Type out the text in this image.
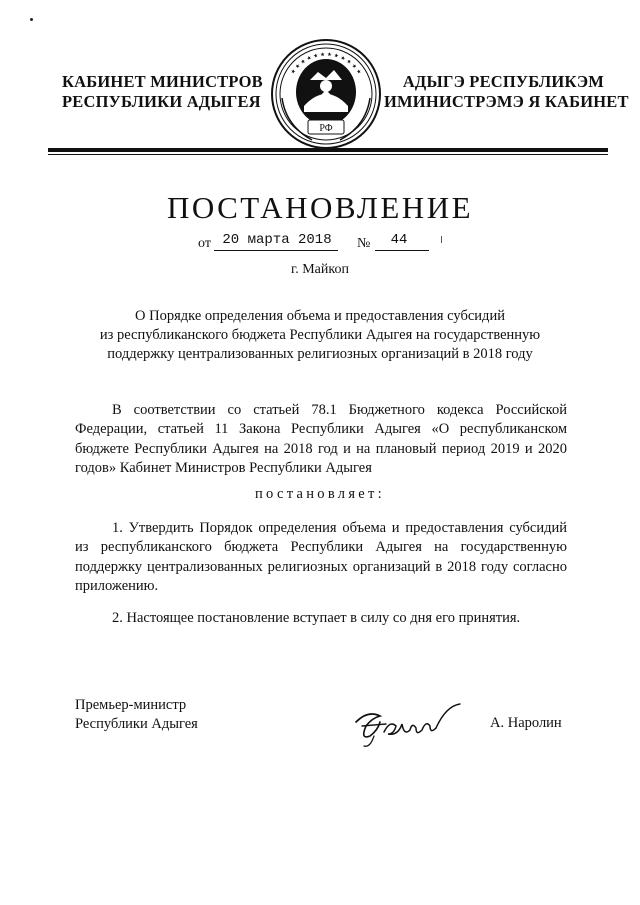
КАБИНЕТ МИНИСТРОВ
РЕСПУБЛИКИ АДЫГЕЯ
★ ★ ★ ★ ★ ★ ★ ★ ★ ★ ★ ★
РФ
АДЫГЭ РЕСПУБЛИКЭМ
ИМИНИСТРЭМЭ Я КАБИНЕТ
ПОСТАНОВЛЕНИЕ
от 20 марта 2018	№	44
г. Майкоп
О Порядке определения объема и предоставления субсидий
из республиканского бюджета Республики Адыгея на государственную
поддержку централизованных религиозных организаций в 2018 году
В соответствии со статьей 78.1 Бюджетного кодекса Российской Федерации, статьей 11 Закона Республики Адыгея «О республиканском бюджете Республики Адыгея на 2018 год и на плановый период 2019 и 2020 годов» Кабинет Министров Республики Адыгея
постановляет:
1. Утвердить Порядок определения объема и предоставления субсидий из республиканского бюджета Республики Адыгея на государственную поддержку централизованных религиозных организаций в 2018 году согласно приложению.
2. Настоящее постановление вступает в силу со дня его принятия.
Премьер-министр
Республики Адыгея	А. Наролин
